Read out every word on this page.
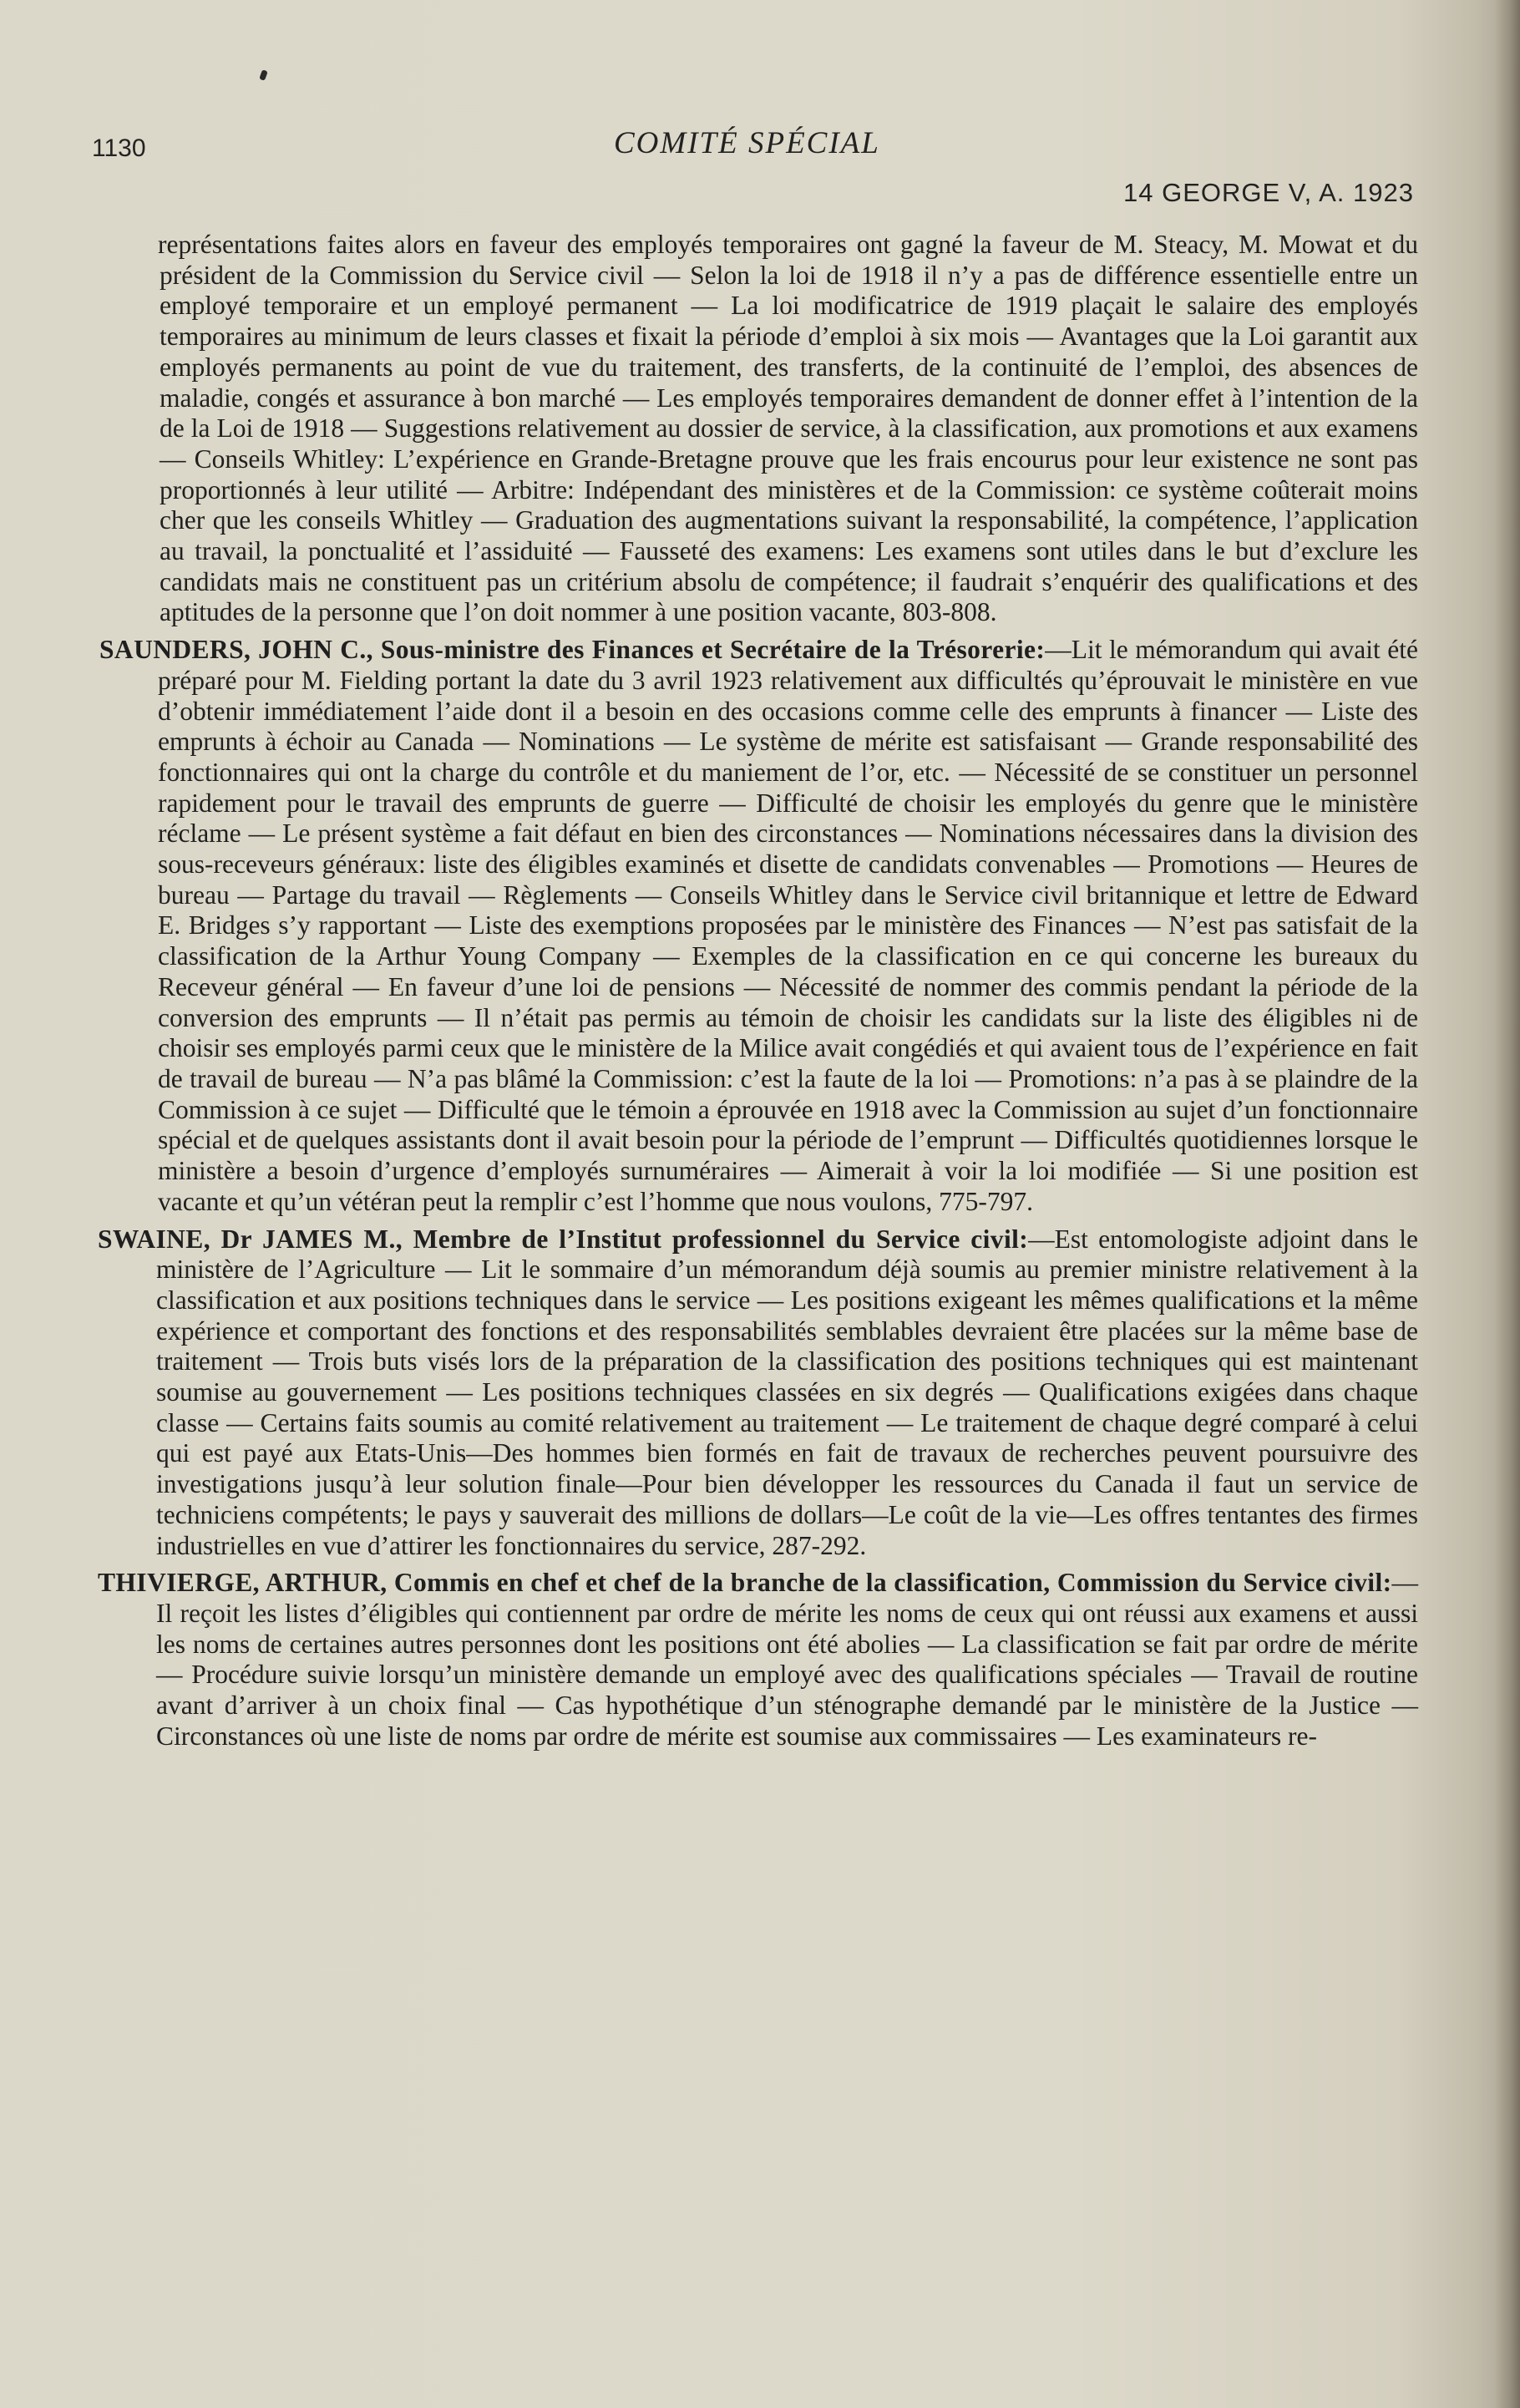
1130	COMITÉ SPÉCIAL
14 GEORGE V, A. 1923

représentations faites alors en faveur des employés temporaires ont gagné la faveur de M. Steacy, M. Mowat et du président de la Commission du Service civil — Selon la loi de 1918 il n’y a pas de différence essentielle entre un employé temporaire et un employé permanent — La loi modificatrice de 1919 plaçait le salaire des employés temporaires au minimum de leurs classes et fixait la période d’emploi à six mois — Avantages que la Loi garantit aux employés permanents au point de vue du traitement, des transferts, de la continuité de l’emploi, des absences de maladie, congés et assurance à bon marché — Les employés temporaires demandent de donner effet à l’intention de la de la Loi de 1918 — Suggestions relativement au dossier de service, à la classification, aux promotions et aux examens — Conseils Whitley: L’expérience en Grande-Bretagne prouve que les frais encourus pour leur existence ne sont pas proportionnés à leur utilité — Arbitre: Indépendant des ministères et de la Commission: ce système coûterait moins cher que les conseils Whitley — Graduation des augmentations suivant la responsabilité, la compétence, l’application au travail, la ponctualité et l’assiduité — Fausseté des examens: Les examens sont utiles dans le but d’exclure les candidats mais ne constituent pas un critérium absolu de compétence; il faudrait s’enquérir des qualifications et des aptitudes de la personne que l’on doit nommer à une position vacante, 803-808.

SAUNDERS, JOHN C., Sous-ministre des Finances et Secrétaire de la Trésorerie:—Lit le mémorandum qui avait été préparé pour M. Fielding portant la date du 3 avril 1923 relativement aux difficultés qu’éprouvait le ministère en vue d’obtenir immédiatement l’aide dont il a besoin en des occasions comme celle des emprunts à financer — Liste des emprunts à échoir au Canada — Nominations — Le système de mérite est satisfaisant — Grande responsabilité des fonctionnaires qui ont la charge du contrôle et du maniement de l’or, etc. — Nécessité de se constituer un personnel rapidement pour le travail des emprunts de guerre — Difficulté de choisir les employés du genre que le ministère réclame — Le présent système a fait défaut en bien des circonstances — Nominations nécessaires dans la division des sous-receveurs généraux: liste des éligibles examinés et disette de candidats convenables — Promotions — Heures de bureau — Partage du travail — Règlements — Conseils Whitley dans le Service civil britannique et lettre de Edward E. Bridges s’y rapportant — Liste des exemptions proposées par le ministère des Finances — N’est pas satisfait de la classification de la Arthur Young Company — Exemples de la classification en ce qui concerne les bureaux du Receveur général — En faveur d’une loi de pensions — Nécessité de nommer des commis pendant la période de la conversion des emprunts — Il n’était pas permis au témoin de choisir les candidats sur la liste des éligibles ni de choisir ses employés parmi ceux que le ministère de la Milice avait congédiés et qui avaient tous de l’expérience en fait de travail de bureau — N’a pas blâmé la Commission: c’est la faute de la loi — Promotions: n’a pas à se plaindre de la Commission à ce sujet — Difficulté que le témoin a éprouvée en 1918 avec la Commission au sujet d’un fonctionnaire spécial et de quelques assistants dont il avait besoin pour la période de l’emprunt — Difficultés quotidiennes lorsque le ministère a besoin d’urgence d’employés surnuméraires — Aimerait à voir la loi modifiée — Si une position est vacante et qu’un vétéran peut la remplir c’est l’homme que nous voulons, 775-797.

SWAINE, Dr JAMES M., Membre de l’Institut professionnel du Service civil:—Est entomologiste adjoint dans le ministère de l’Agriculture — Lit le sommaire d’un mémorandum déjà soumis au premier ministre relativement à la classification et aux positions techniques dans le service — Les positions exigeant les mêmes qualifications et la même expérience et comportant des fonctions et des responsabilités semblables devraient être placées sur la même base de traitement — Trois buts visés lors de la préparation de la classification des positions techniques qui est maintenant soumise au gouvernement — Les positions techniques classées en six degrés — Qualifications exigées dans chaque classe — Certains faits soumis au comité relativement au traitement — Le traitement de chaque degré comparé à celui qui est payé aux Etats-Unis—Des hommes bien formés en fait de travaux de recherches peuvent poursuivre des investigations jusqu’à leur solution finale—Pour bien développer les ressources du Canada il faut un service de techniciens compétents; le pays y sauverait des millions de dollars—Le coût de la vie—Les offres tentantes des firmes industrielles en vue d’attirer les fonctionnaires du service, 287-292.

THIVIERGE, ARTHUR, Commis en chef et chef de la branche de la classification, Commission du Service civil:—Il reçoit les listes d’éligibles qui contiennent par ordre de mérite les noms de ceux qui ont réussi aux examens et aussi les noms de certaines autres personnes dont les positions ont été abolies — La classification se fait par ordre de mérite — Procédure suivie lorsqu’un ministère demande un employé avec des qualifications spéciales — Travail de routine avant d’arriver à un choix final — Cas hypothétique d’un sténographe demandé par le ministère de la Justice — Circonstances où une liste de noms par ordre de mérite est soumise aux commissaires — Les examinateurs re-
